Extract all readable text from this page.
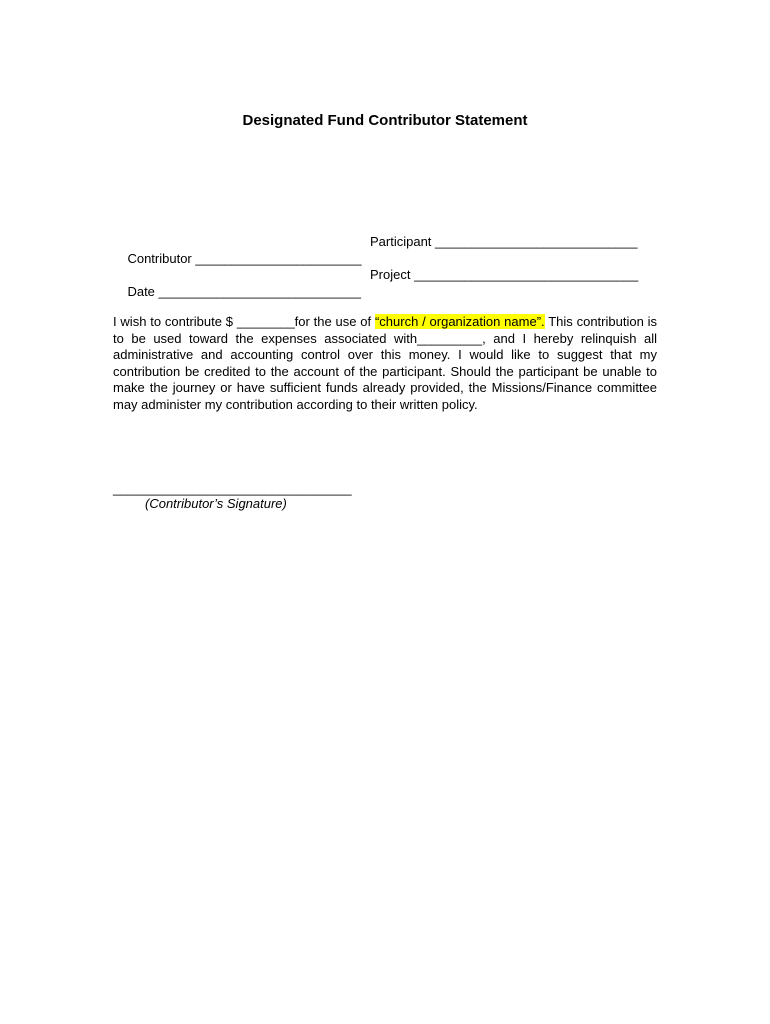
Designated Fund Contributor Statement

Contributor _______________________

Participant ____________________________

Date ____________________________

Project _______________________________

I wish to contribute $ ________for the use of “church / organization name”. This contribution is to be used toward the expenses associated with_________, and I hereby relinquish all administrative and accounting control over this money. I would like to suggest that my contribution be credited to the account of the participant. Should the participant be unable to make the journey or have sufficient funds already provided, the Missions/Finance committee may administer my contribution according to their written policy.
_________________________________
(Contributor’s Signature)
